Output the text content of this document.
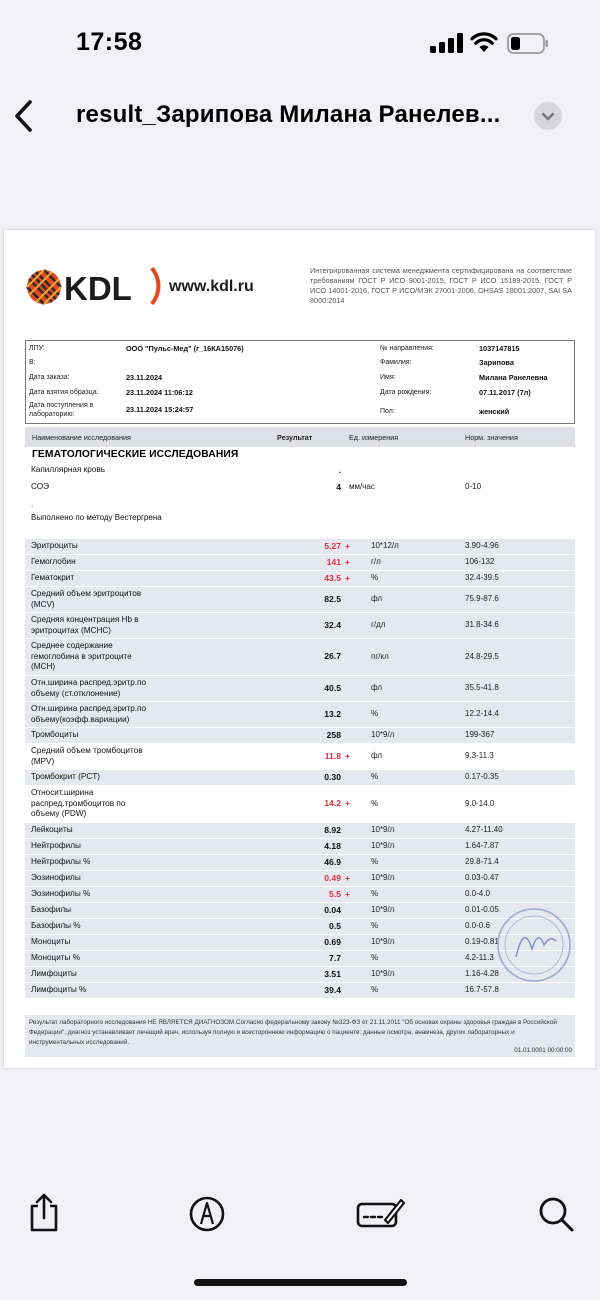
17:58
result_Зарипова Милана Ранелев...
KDL www.kdl.ru
Интегрированная система менеджмента сертифицирована на соответствие требованиям ГОСТ Р ИСО 9001-2015, ГОСТ Р ИСО 15189-2015, ГОСТ Р ИСО 14001-2016, ГОСТ Р ИСО/МЭК 27001-2006, OHSAS 18001:2007, SAI SA 8000:2014
ЛПУ:	ООО "Пульс-Мед" (г_16КА15076)
В:
Дата заказа:	23.11.2024
Дата взятия образца:	23.11.2024 11:06:12
Дата поступления в
лабораторию:
23.11.2024 15:24:57
№ направления:	1037147815
Фамилия:	Зарипова
Имя:	Милана Ранелевна
Дата рождения:	07.11.2017 (7л)
Пол:	женский
Наименование исследования	Результат	Ед. измерения	Норм. значения
ГЕМАТОЛОГИЧЕСКИЕ ИССЛЕДОВАНИЯ
Капиллярная кровь	.
СОЭ	4 мм/час	0-10
.
Выполнено по методу Вестергрена
Эритроциты	5.27 +	10*12/л	3.90-4.96
Гемоглобин	141 +	г/л	106-132
Гематокрит	43.5 +	%	32.4-39.5
Средний объем эритроцитов
(MCV)
82.5	фл	75.9-87.6
Средняя концентрация Hb в
эритроцитах (MCHC)
32.4	г/дл	31.8-34.6
Среднее содержание
гемоглобина в эритроците
(MCH)
26.7	пг/кл	24.8-29.5
Отн.ширина распред.эритр.по
объему (ст.отклонение)
40.5	фл	35.5-41.8
Отн.ширина распред.эритр.по
объему(коэфф.вариации)
13.2	%	12.2-14.4
Тромбоциты	258	10*9/л	199-367
Средний объем тромбоцитов
(MPV)
11.8 +	фл	9.3-11.3
Тромбокрит (PCT)	0.30	%	0.17-0.35
Относит.ширина
распред.тромбоцитов по
объему (PDW)
14.2 +	%	9.0-14.0
Лейкоциты	8.92	10*9/л	4.27-11.40
Нейтрофилы	4.18	10*9/л	1.64-7.87
Нейтрофилы %	46.9	%	29.8-71.4
Эозинофилы	0.49 +	10*9/л	0.03-0.47
Эозинофилы %	5.5 +	%	0.0-4.0
Базофилы	0.04	10*9/л	0.01-0.05
Базофилы %	0.5	%	0.0-0.6
Моноциты	0.69	10*9/л	0.19-0.81
Моноциты %	7.7	%	4.2-11.3
Лимфоциты	3.51	10*9/л	1.16-4.28
Лимфоциты %	39.4	%	16.7-57.8
Результат лабораторного исследования НЕ ЯВЛЯЕТСЯ ДИАГНОЗОМ.Согласно федеральному закону №323-ФЗ от 21.11.2011 "Об основах охраны здоровья граждан в Российской Федерации", диагноз устанавливает лечащий врач, используя полную и всестороннюю информацию о пациенте: данные осмотра, анамнеза, других лабораторных и инструментальных исследований.
01.01.0001 00:00:00
